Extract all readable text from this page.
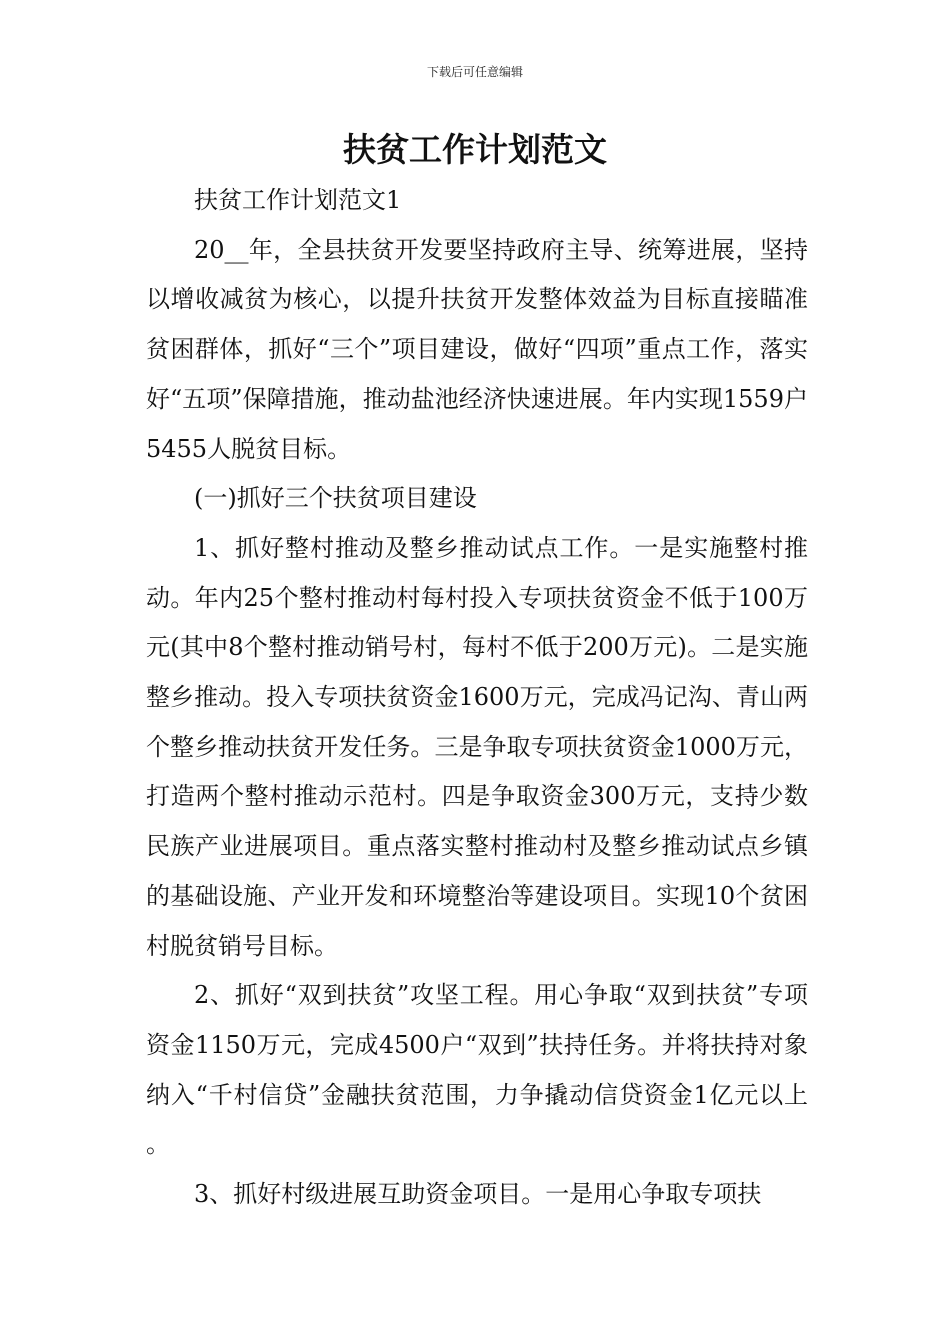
下载后可任意编辑
扶贫工作计划范文

扶贫工作计划范文1

20__年，全县扶贫开发要坚持政府主导、统筹进展，坚持以增收减贫为核心，以提升扶贫开发整体效益为目标直接瞄准贫困群体，抓好“三个”项目建设，做好“四项”重点工作，落实好“五项”保障措施，推动盐池经济快速进展。年内实现1559户5455人脱贫目标。

(一)抓好三个扶贫项目建设

1、抓好整村推动及整乡推动试点工作。一是实施整村推动。年内25个整村推动村每村投入专项扶贫资金不低于100万元(其中8个整村推动销号村，每村不低于200万元)。二是实施整乡推动。投入专项扶贫资金1600万元，完成冯记沟、青山两个整乡推动扶贫开发任务。三是争取专项扶贫资金1000万元，打造两个整村推动示范村。四是争取资金300万元，支持少数民族产业进展项目。重点落实整村推动村及整乡推动试点乡镇的基础设施、产业开发和环境整治等建设项目。实现10个贫困村脱贫销号目标。

2、抓好“双到扶贫”攻坚工程。用心争取“双到扶贫”专项资金1150万元，完成4500户“双到”扶持任务。并将扶持对象纳入“千村信贷”金融扶贫范围，力争撬动信贷资金1亿元以上。

3、抓好村级进展互助资金项目。一是用心争取专项扶
